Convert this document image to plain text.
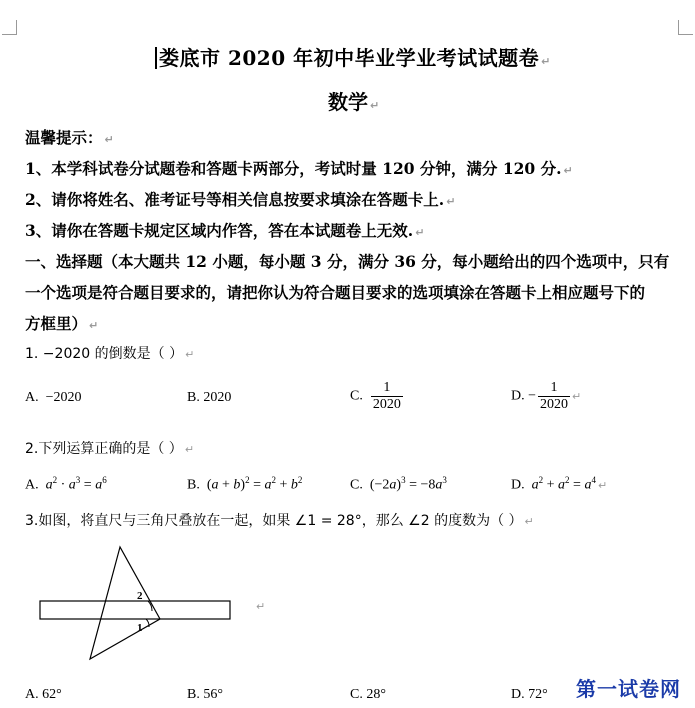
娄底市 2020 年初中毕业学业考试试题卷 ↵
数学 ↵
温馨提示： ↵
1、本学科试卷分试题卷和答题卡两部分，考试时量 120 分钟，满分 120 分. ↵
2、请你将姓名、准考证号等相关信息按要求填涂在答题卡上. ↵
3、请你在答题卡规定区域内作答，答在本试题卷上无效. ↵
一、选择题（本大题共 12 小题，每小题 3 分，满分 36 分，每小题给出的四个选项中，只有
一个选项是符合题目要求的，请把你认为符合题目要求的选项填涂在答题卡上相应题号下的
方框里） ↵
1. −2020 的倒数是（ ） ↵
A. −2020	B. 2020	C. $\frac{1}{2020}$	D. − $\frac{1}{2020}$ ↵
2.下列运算正确的是（ ） ↵
A. $a^2 \cdot a^3 = a^6$	B.  $(a + b)^2 = a^2 + b^2$	C.  $(-2a)^3 = -8a^3$	D. $a^2 + a^2 = a^4$ ↵
3.如图，将直尺与三角尺叠放在一起，如果 ∠1 = 28°，那么 ∠2 的度数为（ ） ↵
2
1
↵
A. 62°	B. 56°	C. 28°	D. 72° 第一试卷网
